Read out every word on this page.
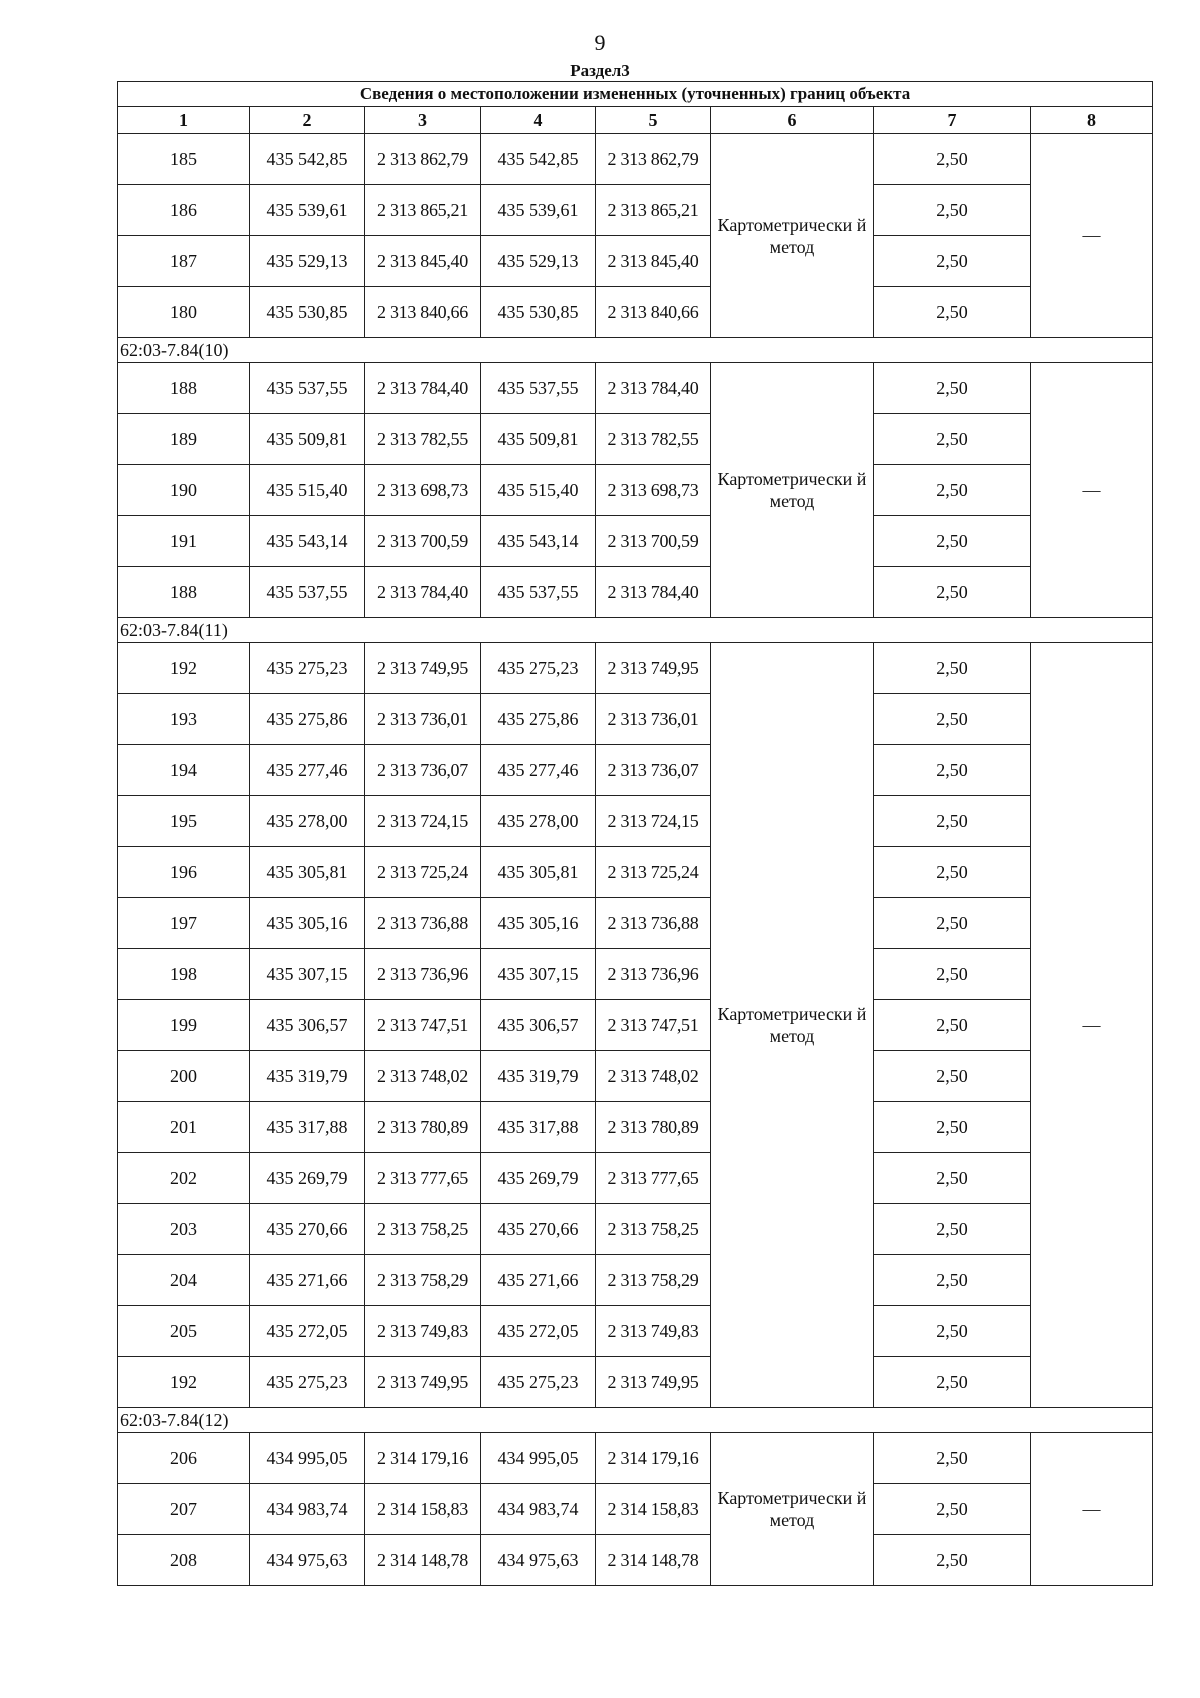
9
Раздел3
Сведения о местоположении измененных (уточненных) границ объекта							
1	2	3	4	5	6	7	8
185	435 542,85	2 313 862,79	435 542,85	2 313 862,79	Картометрически й метод	2,50	—
186	435 539,61	2 313 865,21	435 539,61	2 313 865,21		2,50	
187	435 529,13	2 313 845,40	435 529,13	2 313 845,40		2,50	
180	435 530,85	2 313 840,66	435 530,85	2 313 840,66		2,50	
62:03-7.84(10)							
188	435 537,55	2 313 784,40	435 537,55	2 313 784,40	Картометрически й метод	2,50	—
189	435 509,81	2 313 782,55	435 509,81	2 313 782,55		2,50	
190	435 515,40	2 313 698,73	435 515,40	2 313 698,73		2,50	
191	435 543,14	2 313 700,59	435 543,14	2 313 700,59		2,50	
188	435 537,55	2 313 784,40	435 537,55	2 313 784,40		2,50	
62:03-7.84(11)							
192	435 275,23	2 313 749,95	435 275,23	2 313 749,95	Картометрически й метод	2,50	—
193	435 275,86	2 313 736,01	435 275,86	2 313 736,01		2,50	
194	435 277,46	2 313 736,07	435 277,46	2 313 736,07		2,50	
195	435 278,00	2 313 724,15	435 278,00	2 313 724,15		2,50	
196	435 305,81	2 313 725,24	435 305,81	2 313 725,24		2,50	
197	435 305,16	2 313 736,88	435 305,16	2 313 736,88		2,50	
198	435 307,15	2 313 736,96	435 307,15	2 313 736,96		2,50	
199	435 306,57	2 313 747,51	435 306,57	2 313 747,51		2,50	
200	435 319,79	2 313 748,02	435 319,79	2 313 748,02		2,50	
201	435 317,88	2 313 780,89	435 317,88	2 313 780,89		2,50	
202	435 269,79	2 313 777,65	435 269,79	2 313 777,65		2,50	
203	435 270,66	2 313 758,25	435 270,66	2 313 758,25		2,50	
204	435 271,66	2 313 758,29	435 271,66	2 313 758,29		2,50	
205	435 272,05	2 313 749,83	435 272,05	2 313 749,83		2,50	
192	435 275,23	2 313 749,95	435 275,23	2 313 749,95		2,50	
62:03-7.84(12)							
206	434 995,05	2 314 179,16	434 995,05	2 314 179,16	Картометрически й метод	2,50	—
207	434 983,74	2 314 158,83	434 983,74	2 314 158,83		2,50	
208	434 975,63	2 314 148,78	434 975,63	2 314 148,78		2,50	
